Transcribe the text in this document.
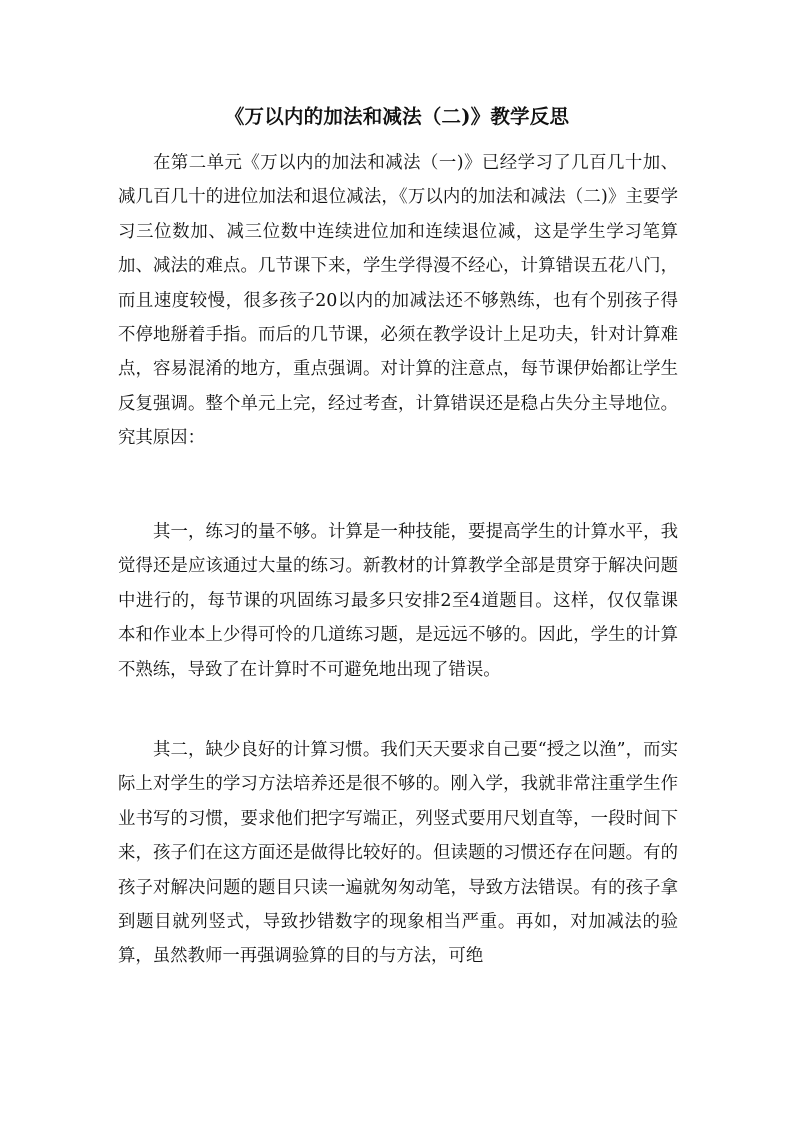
《万以内的加法和减法（二)》教学反思

在第二单元《万以内的加法和减法（一)》已经学习了几百几十加、减几百几十的进位加法和退位减法，《万以内的加法和减法（二)》主要学习三位数加、减三位数中连续进位加和连续退位减，这是学生学习笔算加、减法的难点。几节课下来，学生学得漫不经心，计算错误五花八门，而且速度较慢，很多孩子20以内的加减法还不够熟练，也有个别孩子得不停地掰着手指。而后的几节课，必须在教学设计上足功夫，针对计算难点，容易混淆的地方，重点强调。对计算的注意点，每节课伊始都让学生反复强调。整个单元上完，经过考查，计算错误还是稳占失分主导地位。究其原因：

其一，练习的量不够。计算是一种技能，要提高学生的计算水平，我觉得还是应该通过大量的练习。新教材的计算教学全部是贯穿于解决问题中进行的，每节课的巩固练习最多只安排2至4道题目。这样，仅仅靠课本和作业本上少得可怜的几道练习题，是远远不够的。因此，学生的计算不熟练，导致了在计算时不可避免地出现了错误。

其二，缺少良好的计算习惯。我们天天要求自己要“授之以渔”，而实际上对学生的学习方法培养还是很不够的。刚入学，我就非常注重学生作业书写的习惯，要求他们把字写端正，列竖式要用尺划直等，一段时间下来，孩子们在这方面还是做得比较好的。但读题的习惯还存在问题。有的孩子对解决问题的题目只读一遍就匆匆动笔，导致方法错误。有的孩子拿到题目就列竖式，导致抄错数字的现象相当严重。再如，对加减法的验算，虽然教师一再强调验算的目的与方法，可绝
